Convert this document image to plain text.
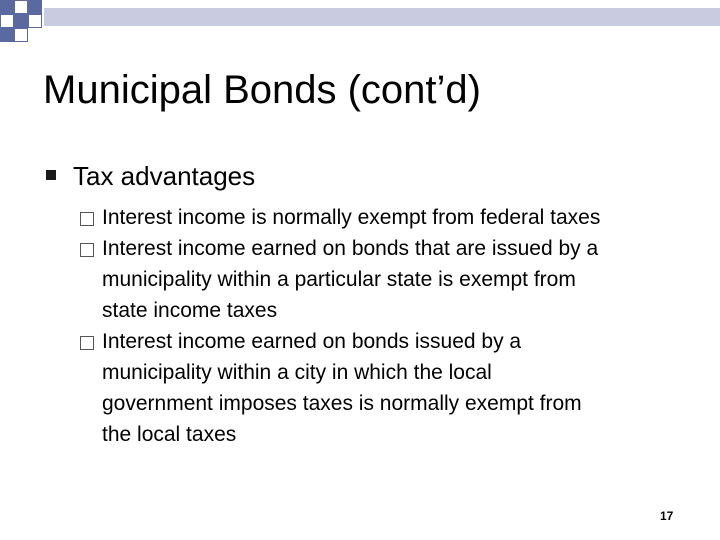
Municipal Bonds (cont’d)
Tax advantages
Interest income is normally exempt from federal taxes
Interest income earned on bonds that are issued by a
municipality within a particular state is exempt from
state income taxes
Interest income earned on bonds issued by a
municipality within a city in which the local
government imposes taxes is normally exempt from
the local taxes
17
